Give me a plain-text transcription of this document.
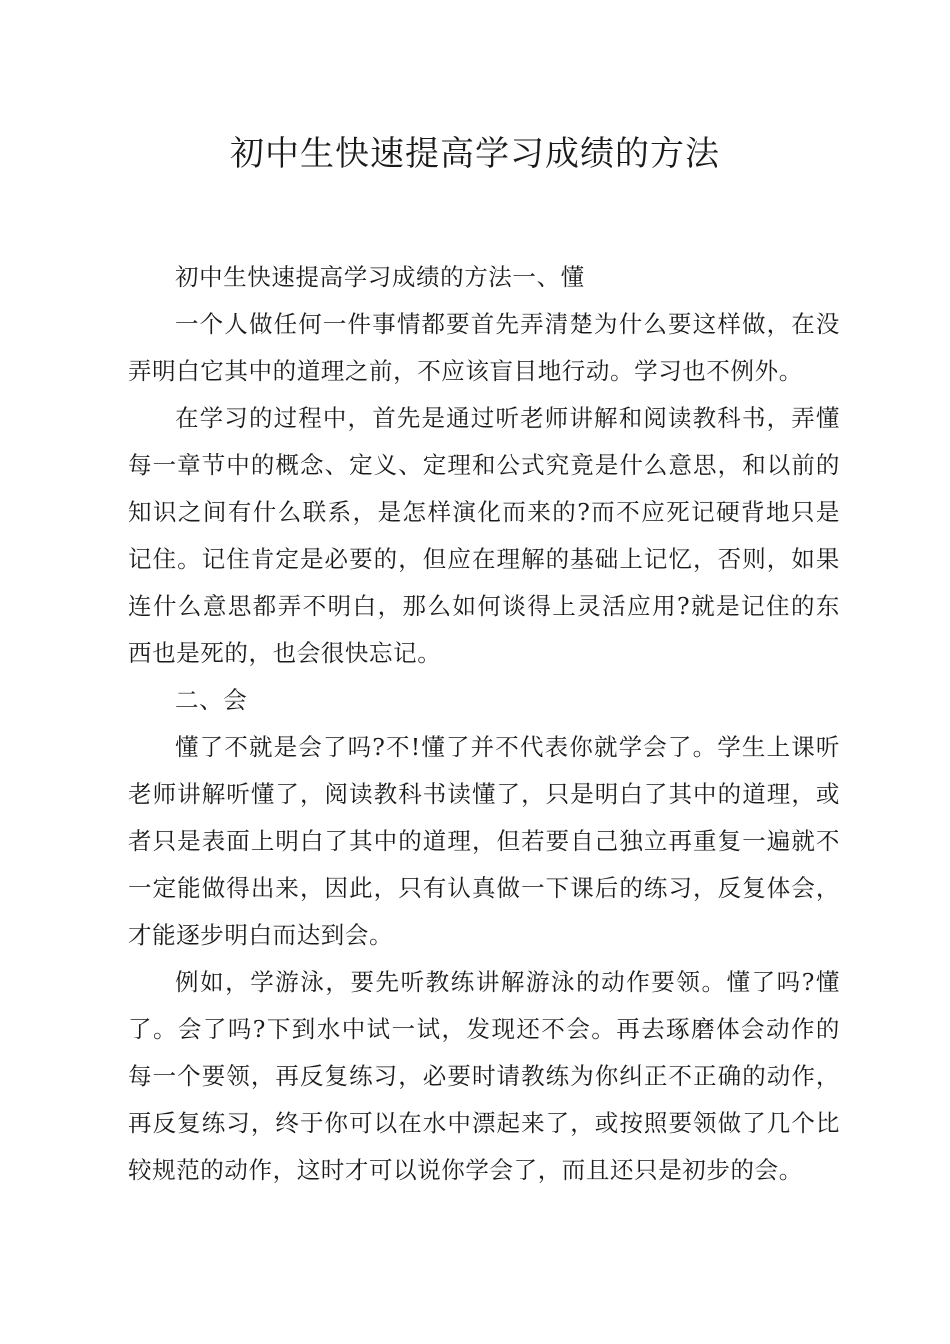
初中生快速提高学习成绩的方法

初中生快速提高学习成绩的方法一、懂

一个人做任何一件事情都要首先弄清楚为什么要这样做，在没弄明白它其中的道理之前，不应该盲目地行动。学习也不例外。

在学习的过程中，首先是通过听老师讲解和阅读教科书，弄懂每一章节中的概念、定义、定理和公式究竟是什么意思，和以前的知识之间有什么联系，是怎样演化而来的?而不应死记硬背地只是记住。记住肯定是必要的，但应在理解的基础上记忆，否则，如果连什么意思都弄不明白，那么如何谈得上灵活应用?就是记住的东西也是死的，也会很快忘记。

二、会

懂了不就是会了吗?不!懂了并不代表你就学会了。学生上课听老师讲解听懂了，阅读教科书读懂了，只是明白了其中的道理，或者只是表面上明白了其中的道理，但若要自己独立再重复一遍就不一定能做得出来，因此，只有认真做一下课后的练习，反复体会，才能逐步明白而达到会。

例如，学游泳，要先听教练讲解游泳的动作要领。懂了吗?懂了。会了吗?下到水中试一试，发现还不会。再去琢磨体会动作的每一个要领，再反复练习，必要时请教练为你纠正不正确的动作，再反复练习，终于你可以在水中漂起来了，或按照要领做了几个比较规范的动作，这时才可以说你学会了，而且还只是初步的会。
